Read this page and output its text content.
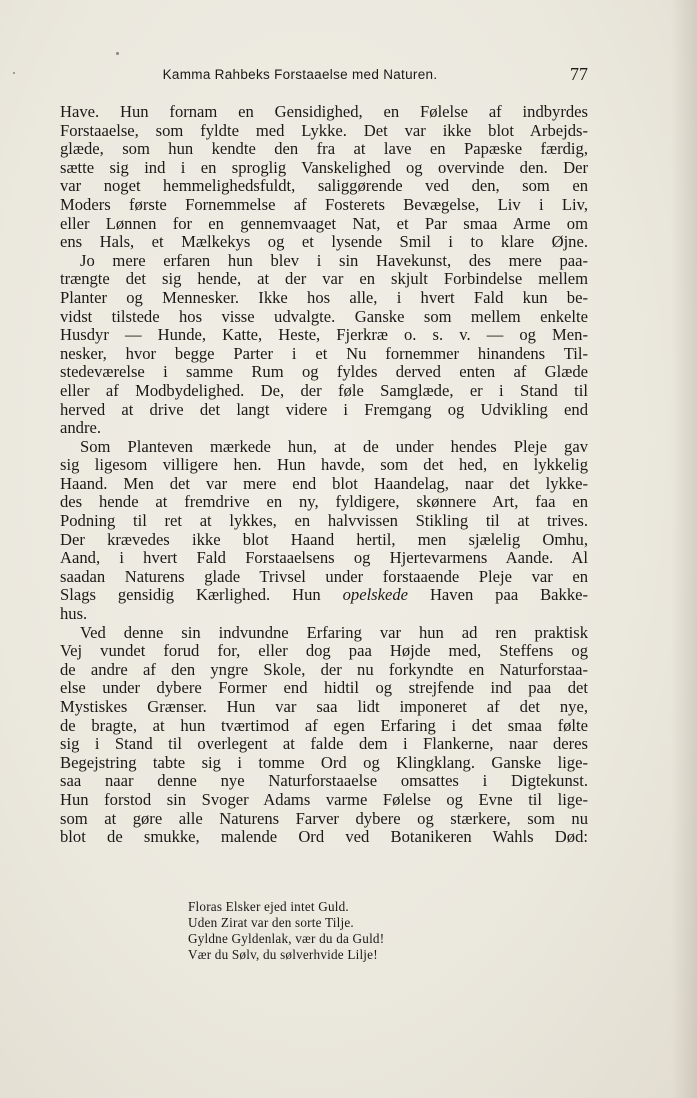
Kamma Rahbeks Forstaaelse med Naturen.	77
Have. Hun fornam en Gensidighed, en Følelse af indbyrdes
Forstaaelse, som fyldte med Lykke. Det var ikke blot Arbejds-
glæde, som hun kendte den fra at lave en Papæske færdig,
sætte sig ind i en sproglig Vanskelighed og overvinde den. Der
var noget hemmelighedsfuldt, saliggørende ved den, som en
Moders første Fornemmelse af Fosterets Bevægelse, Liv i Liv,
eller Lønnen for en gennemvaaget Nat, et Par smaa Arme om
ens Hals, et Mælkekys og et lysende Smil i to klare Øjne.
Jo mere erfaren hun blev i sin Havekunst, des mere paa-
trængte det sig hende, at der var en skjult Forbindelse mellem
Planter og Mennesker. Ikke hos alle, i hvert Fald kun be-
vidst tilstede hos visse udvalgte. Ganske som mellem enkelte
Husdyr — Hunde, Katte, Heste, Fjerkræ o. s. v. — og Men-
nesker, hvor begge Parter i et Nu fornemmer hinandens Til-
stedeværelse i samme Rum og fyldes derved enten af Glæde
eller af Modbydelighed. De, der føle Samglæde, er i Stand til
herved at drive det langt videre i Fremgang og Udvikling end
andre.
Som Planteven mærkede hun, at de under hendes Pleje gav
sig ligesom villigere hen. Hun havde, som det hed, en lykkelig
Haand. Men det var mere end blot Haandelag, naar det lykke-
des hende at fremdrive en ny, fyldigere, skønnere Art, faa en
Podning til ret at lykkes, en halvvissen Stikling til at trives.
Der krævedes ikke blot Haand hertil, men sjælelig Omhu,
Aand, i hvert Fald Forstaaelsens og Hjertevarmens Aande. Al
saadan Naturens glade Trivsel under forstaaende Pleje var en
Slags gensidig Kærlighed. Hun opelskede Haven paa Bakke-
hus.
Ved denne sin indvundne Erfaring var hun ad ren praktisk
Vej vundet forud for, eller dog paa Højde med, Steffens og
de andre af den yngre Skole, der nu forkyndte en Naturforstaa-
else under dybere Former end hidtil og strejfende ind paa det
Mystiskes Grænser. Hun var saa lidt imponeret af det nye,
de bragte, at hun tværtimod af egen Erfaring i det smaa følte
sig i Stand til overlegent at falde dem i Flankerne, naar deres
Begejstring tabte sig i tomme Ord og Klingklang. Ganske lige-
saa naar denne nye Naturforstaaelse omsattes i Digtekunst.
Hun forstod sin Svoger Adams varme Følelse og Evne til lige-
som at gøre alle Naturens Farver dybere og stærkere, som nu
blot de smukke, malende Ord ved Botanikeren Wahls Død:
Floras Elsker ejed intet Guld.
Uden Zirat var den sorte Tilje.
Gyldne Gyldenlak, vær du da Guld!
Vær du Sølv, du sølverhvide Lilje!
